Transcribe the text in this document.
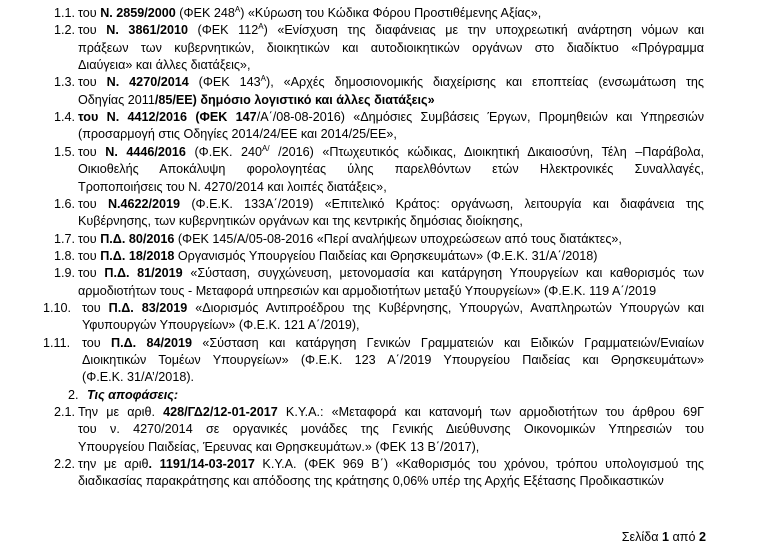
1.1. του Ν. 2859/2000 (ΦΕΚ $248^A$) «Κύρωση του Κώδικα Φόρου Προστιθέμενης Αξίας»,
1.2. του Ν. 3861/2010 (ΦΕΚ $112^A$) «Ενίσχυση της διαφάνειας με την υποχρεωτική ανάρτηση νόμων και
πράξεων των κυβερνητικών, διοικητικών και αυτοδιοικητικών οργάνων στο διαδίκτυο «Πρόγραμμα
Διαύγεια» και άλλες διατάξεις»,
1.3. του Ν. 4270/2014 (ΦΕΚ $143^A$), «Αρχές δημοσιονομικής διαχείρισης και εποπτείας (ενσωμάτωση της
Οδηγίας 2011/85/ΕΕ) δημόσιο λογιστικό και άλλες διατάξεις»
1.4. του Ν. 4412/2016 (ΦΕΚ 147/Α΄/08-08-2016) «Δημόσιες Συμβάσεις Έργων, Προμηθειών και Υπηρεσιών
(προσαρμογή στις Οδηγίες 2014/24/ΕΕ και 2014/25/ΕΕ»,
1.5. του Ν. 4446/2016 (Φ.ΕΚ. $240^{A/}$ /2016) «Πτωχευτικός κώδικας, Διοικητική Δικαιοσύνη, Τέλη –Παράβολα,
Οικιοθελής Αποκάλυψη φορολογητέας ύλης παρελθόντων ετών Ηλεκτρονικές Συναλλαγές,
Τροποποιήσεις του Ν. 4270/2014 και λοιπές διατάξεις»,
1.6. του Ν.4622/2019 (Φ.Ε.Κ. 133Α΄/2019) «Επιτελικό Κράτος: οργάνωση, λειτουργία και διαφάνεια της
Κυβέρνησης, των κυβερνητικών οργάνων και της κεντρικής δημόσιας διοίκησης,
1.7. του Π.Δ. 80/2016 (ΦΕΚ 145/Α/05-08-2016 «Περί αναλήψεων υποχρεώσεων από τους διατάκτες»,
1.8. του Π.Δ. 18/2018 Οργανισμός Υπουργείου Παιδείας και Θρησκευμάτων» (Φ.Ε.Κ. 31/Α΄/2018)
1.9. του Π.Δ. 81/2019 «Σύσταση, συγχώνευση, μετονομασία και κατάργηση Υπουργείων και καθορισμός των
αρμοδιοτήτων τους - Μεταφορά υπηρεσιών και αρμοδιοτήτων μεταξύ Υπουργείων» (Φ.Ε.Κ. 119 Α΄/2019
1.10. του Π.Δ. 83/2019 «Διορισμός Αντιπροέδρου της Κυβέρνησης, Υπουργών, Αναπληρωτών Υπουργών και
Υφυπουργών Υπουργείων» (Φ.Ε.Κ. 121 Α΄/2019),
1.11. του Π.Δ. 84/2019 «Σύσταση και κατάργηση Γενικών Γραμματειών και Ειδικών Γραμματειών/Ενιαίων
Διοικητικών Τομέων Υπουργείων» (Φ.Ε.Κ. 123 Α΄/2019 Υπουργείου Παιδείας και Θρησκευμάτων»
(Φ.Ε.Κ. 31/Α’/2018).
2. Τις αποφάσεις:
2.1. Την με αριθ. 428/ΓΔ2/12-01-2017 Κ.Υ.Α.: «Μεταφορά και κατανομή των αρμοδιοτήτων του άρθρου 69Γ
του ν. 4270/2014 σε οργανικές μονάδες της Γενικής Διεύθυνσης Οικονομικών Υπηρεσιών του
Υπουργείου Παιδείας, Έρευνας και Θρησκευμάτων.» (ΦΕΚ 13 Β΄/2017),
2.2. την με αριθ. 1191/14-03-2017 Κ.Υ.Α. (ΦΕΚ 969 Β΄) «Καθορισμός του χρόνου, τρόπου υπολογισμού της
διαδικασίας παρακράτησης και απόδοσης της κράτησης 0,06% υπέρ της Αρχής Εξέτασης Προδικαστικών
Σελίδα 1 από 2
